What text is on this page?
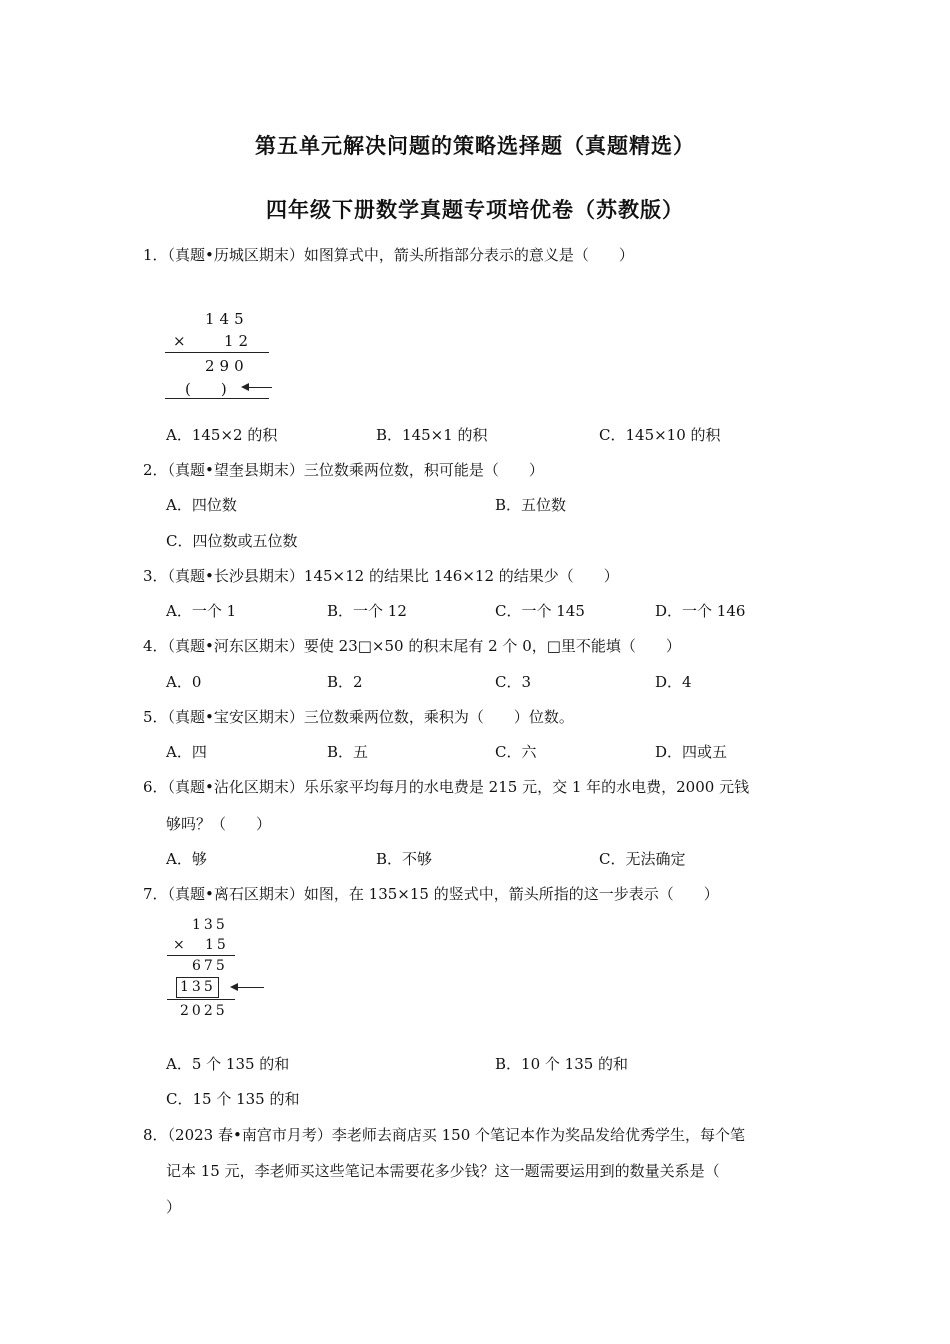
第五单元解决问题的策略选择题（真题精选）
四年级下册数学真题专项培优卷（苏教版）
1．（真题•历城区期末）如图算式中，箭头所指部分表示的意义是（　　）
145
× 12
290
(　　)
A．145×2 的积	B．145×1 的积	C．145×10 的积
2．（真题•望奎县期末）三位数乘两位数，积可能是（　　）
A．四位数	B．五位数
C．四位数或五位数
3．（真题•长沙县期末）145×12 的结果比 146×12 的结果少（　　）
A．一个 1	B．一个 12	C．一个 145	D．一个 146
4．（真题•河东区期末）要使 23□×50 的积末尾有 2 个 0，□里不能填（　　）
A．0	B．2	C．3	D．4
5．（真题•宝安区期末）三位数乘两位数，乘积为（　　）位数。
A．四	B．五	C．六	D．四或五
6．（真题•沾化区期末）乐乐家平均每月的水电费是 215 元，交 1 年的水电费，2000 元钱
够吗？（　　）
A．够	B．不够	C．无法确定
7．（真题•离石区期末）如图，在 135×15 的竖式中，箭头所指的这一步表示（　　）
135
× 15
675
135
2025
A．5 个 135 的和	B．10 个 135 的和
C．15 个 135 的和
8．（2023 春•南宫市月考）李老师去商店买 150 个笔记本作为奖品发给优秀学生，每个笔
记本 15 元，李老师买这些笔记本需要花多少钱？这一题需要运用到的数量关系是（
）
